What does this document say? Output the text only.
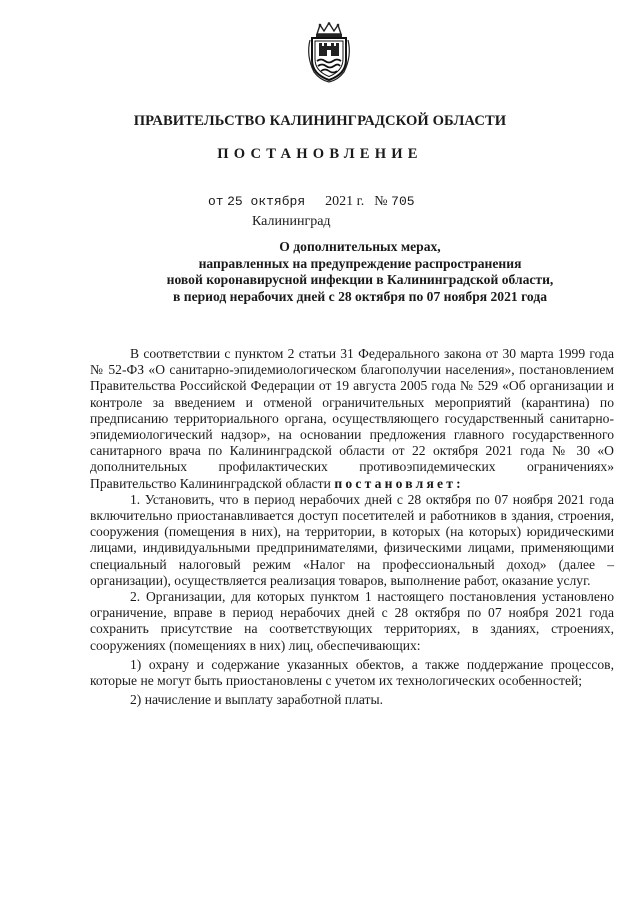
ПРАВИТЕЛЬСТВО КАЛИНИНГРАДСКОЙ ОБЛАСТИ
ПОСТАНОВЛЕНИЕ
от 25 октября 2021 г. № 705
Калининград
О дополнительных мерах,
направленных на предупреждение распространения
новой коронавирусной инфекции в Калининградской области,
в период нерабочих дней с 28 октября по 07 ноября 2021 года

В соответствии с пунктом 2 статьи 31 Федерального закона от 30 марта 1999 года № 52-ФЗ «О санитарно-эпидемиологическом благополучии населения», постановлением Правительства Российской Федерации от 19 августа 2005 года № 529 «Об организации и контроле за введением и отменой ограничительных мероприятий (карантина) по предписанию территориального органа, осуществляющего государственный санитарно-эпидемиологический надзор», на основании предложения главного государственного санитарного врача по Калининградской области от 22 октября 2021 года № 30 «О дополнительных профилактических противоэпидемических ограничениях» Правительство Калининградской области постановляет:

1. Установить, что в период нерабочих дней с 28 октября по 07 ноября 2021 года включительно приостанавливается доступ посетителей и работников в здания, строения, сооружения (помещения в них), на территории, в которых (на которых) юридическими лицами, индивидуальными предпринимателями, физическими лицами, применяющими специальный налоговый режим «Налог на профессиональный доход» (далее – организации), осуществляется реализация товаров, выполнение работ, оказание услуг.

2. Организации, для которых пунктом 1 настоящего постановления установлено ограничение, вправе в период нерабочих дней с 28 октября по 07 ноября 2021 года сохранить присутствие на соответствующих территориях, в зданиях, строениях, сооружениях (помещениях в них) лиц, обеспечивающих:

1) охрану и содержание указанных обектов, а также поддержание процессов, которые не могут быть приостановлены с учетом их технологических особенностей;

2) начисление и выплату заработной платы.
